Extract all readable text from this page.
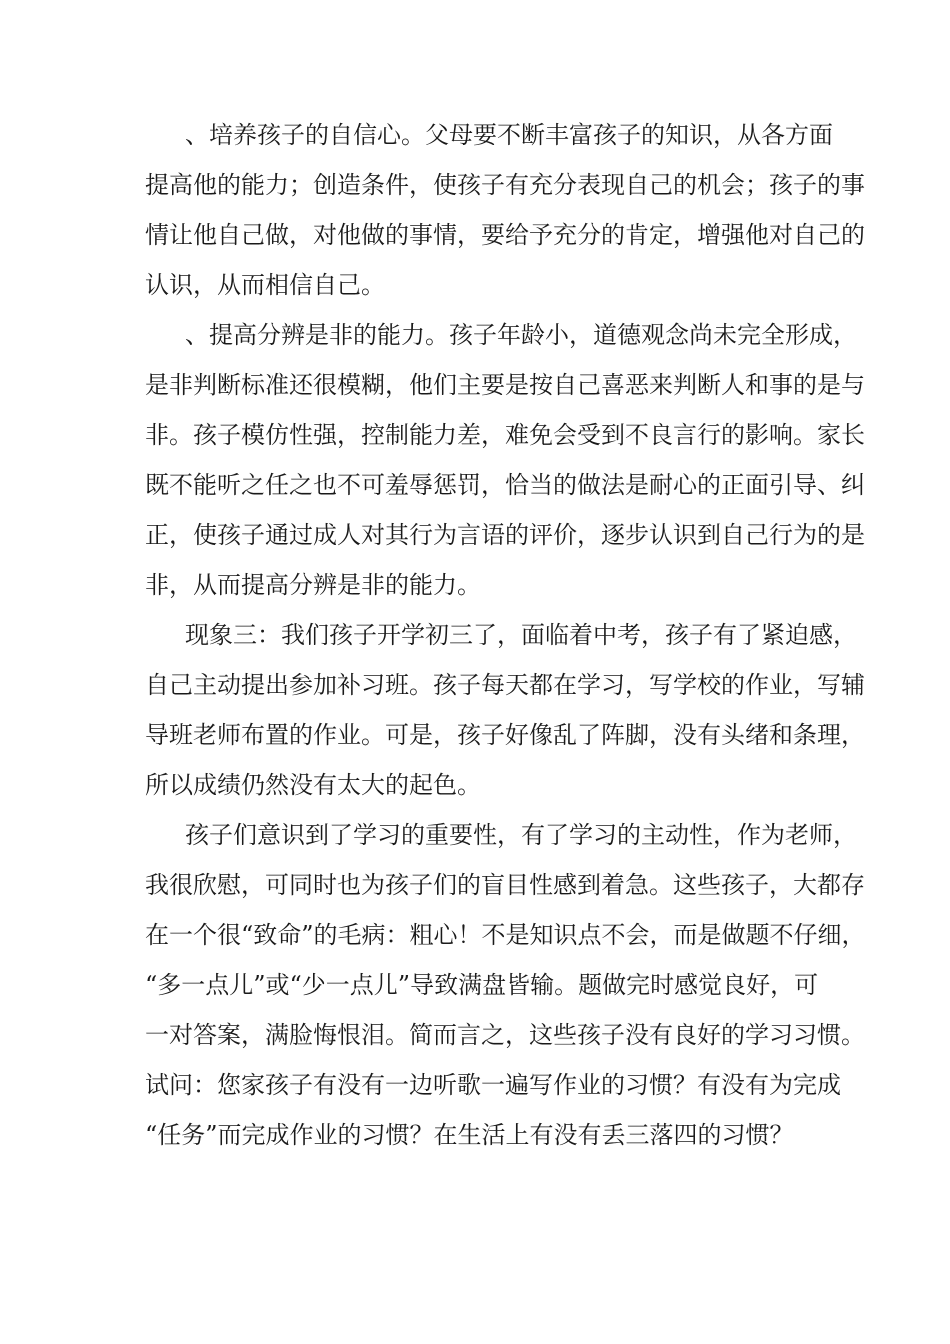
、培养孩子的自信心。父母要不断丰富孩子的知识，从各方面
提高他的能力；创造条件，使孩子有充分表现自己的机会；孩子的事
情让他自己做，对他做的事情，要给予充分的肯定，增强他对自己的
认识，从而相信自己。
、提高分辨是非的能力。孩子年龄小，道德观念尚未完全形成，
是非判断标准还很模糊，他们主要是按自己喜恶来判断人和事的是与
非。孩子模仿性强，控制能力差，难免会受到不良言行的影响。家长
既不能听之任之也不可羞辱惩罚，恰当的做法是耐心的正面引导、纠
正，使孩子通过成人对其行为言语的评价，逐步认识到自己行为的是
非，从而提高分辨是非的能力。
现象三：我们孩子开学初三了，面临着中考，孩子有了紧迫感，
自己主动提出参加补习班。孩子每天都在学习，写学校的作业，写辅
导班老师布置的作业。可是，孩子好像乱了阵脚，没有头绪和条理，
所以成绩仍然没有太大的起色。
孩子们意识到了学习的重要性，有了学习的主动性，作为老师，
我很欣慰，可同时也为孩子们的盲目性感到着急。这些孩子，大都存
在一个很“致命”的毛病：粗心！不是知识点不会，而是做题不仔细，
“多一点儿”或“少一点儿”导致满盘皆输。题做完时感觉良好，可
一对答案，满脸悔恨泪。简而言之，这些孩子没有良好的学习习惯。
试问：您家孩子有没有一边听歌一遍写作业的习惯？有没有为完成
“任务”而完成作业的习惯？在生活上有没有丢三落四的习惯？
